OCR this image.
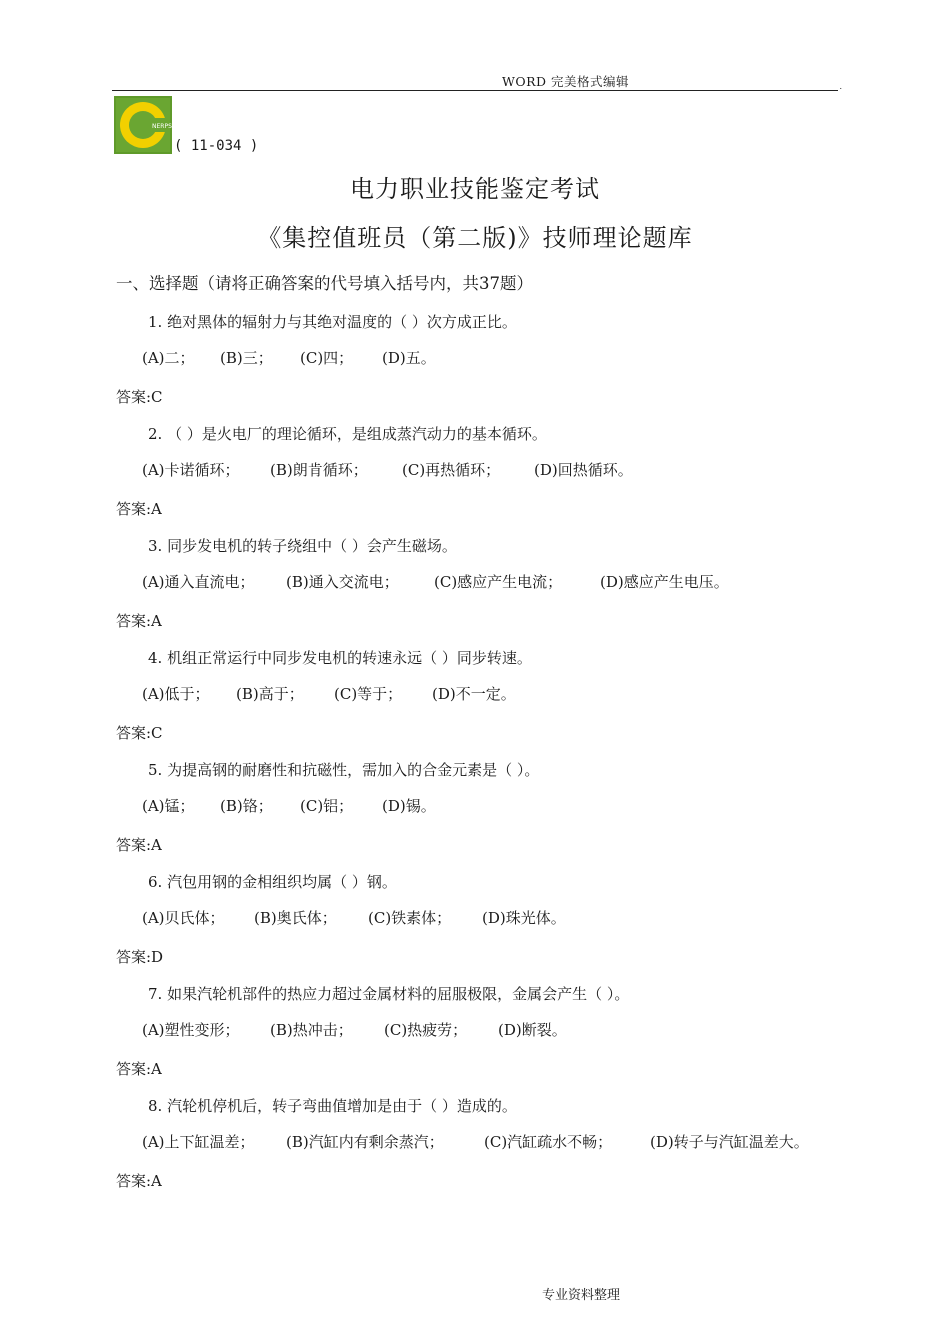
WORD 完美格式编辑	.
NERPS
( 11-034 )
电力职业技能鉴定考试
《集控值班员（第二版)》技师理论题库
一、选择题（请将正确答案的代号填入括号内，共37题）
1. 绝对黑体的辐射力与其绝对温度的（ ）次方成正比。
(A)二； (B)三； (C)四； (D)五。
答案:C
2. （ ）是火电厂的理论循环，是组成蒸汽动力的基本循环。
(A)卡诺循环； (B)朗肯循环； (C)再热循环； (D)回热循环。
答案:A
3. 同步发电机的转子绕组中（ ）会产生磁场。
(A)通入直流电； (B)通入交流电； (C)感应产生电流；	(D)感应产生电压。
答案:A
4. 机组正常运行中同步发电机的转速永远（ ）同步转速。
(A)低于； (B)高于； (C)等于； (D)不一定。
答案:C
5. 为提高钢的耐磨性和抗磁性，需加入的合金元素是（ ）。
(A)锰； (B)铬； (C)铝； (D)锡。
答案:A
6. 汽包用钢的金相组织均属（ ）钢。
(A)贝氏体； (B)奥氏体； (C)铁素体； (D)珠光体。
答案:D
7. 如果汽轮机部件的热应力超过金属材料的屈服极限，金属会产生（ ）。
(A)塑性变形； (B)热冲击； (C)热疲劳； (D)断裂。
答案:A
8. 汽轮机停机后，转子弯曲值增加是由于（ ）造成的。
(A)上下缸温差； (B)汽缸内有剩余蒸汽；	(C)汽缸疏水不畅；	(D)转子与汽缸温差大。
答案:A
专业资料整理
